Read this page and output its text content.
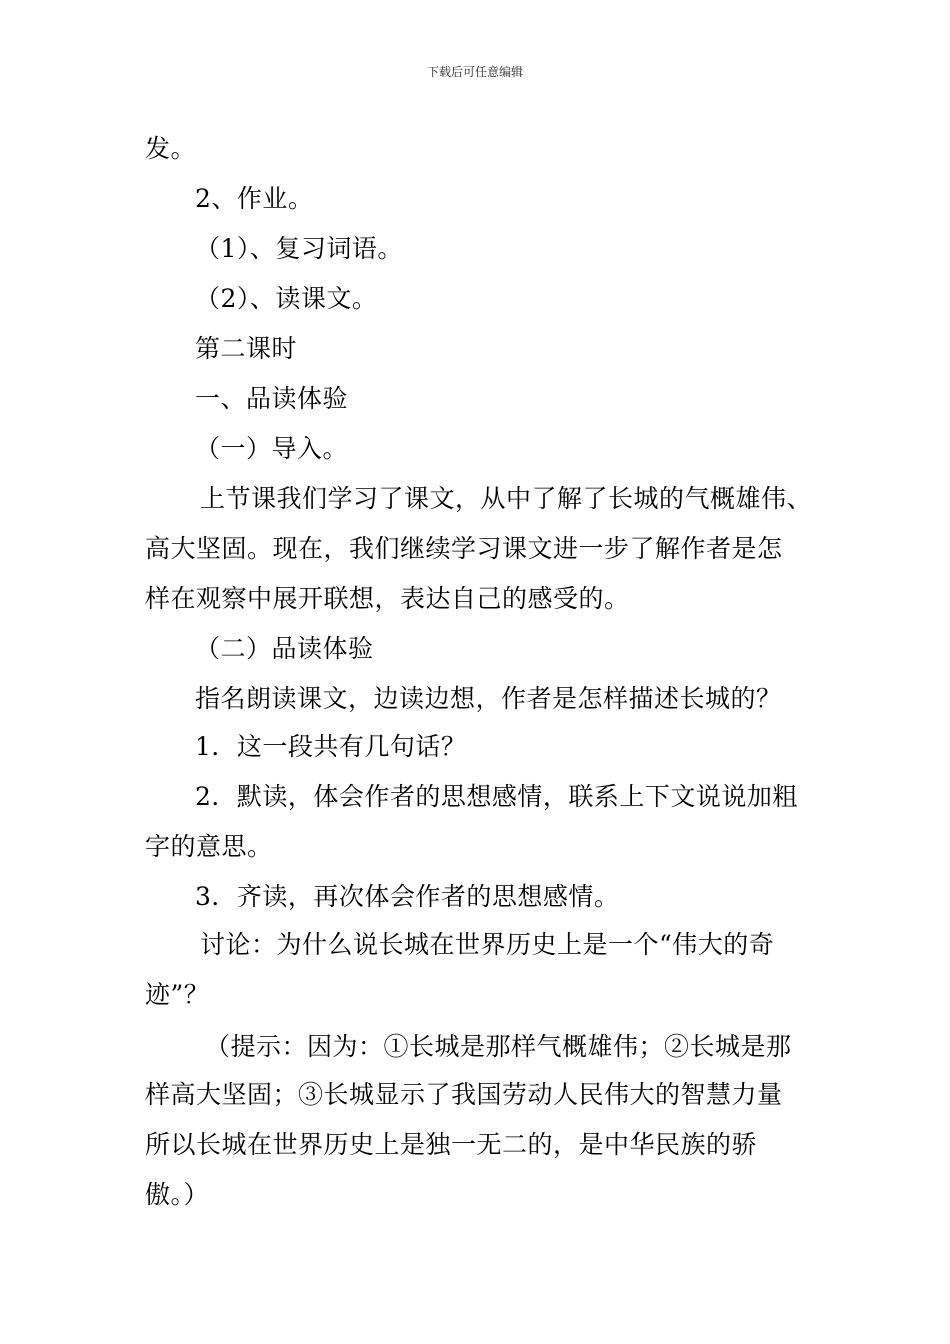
下载后可任意编辑
发。
2、作业。
（1）、复习词语。
（2）、读课文。
第二课时
一、品读体验
（一）导入。
上节课我们学习了课文，从中了解了长城的气概雄伟、
高大坚固。现在，我们继续学习课文进一步了解作者是怎
样在观察中展开联想，表达自己的感受的。
（二）品读体验
指名朗读课文，边读边想，作者是怎样描述长城的？
1．这一段共有几句话？
2．默读，体会作者的思想感情，联系上下文说说加粗
字的意思。
3．齐读，再次体会作者的思想感情。
讨论：为什么说长城在世界历史上是一个“伟大的奇
迹”？
（提示：因为：①长城是那样气概雄伟；②长城是那
样高大坚固；③长城显示了我国劳动人民伟大的智慧力量
所以长城在世界历史上是独一无二的，是中华民族的骄
傲。）
